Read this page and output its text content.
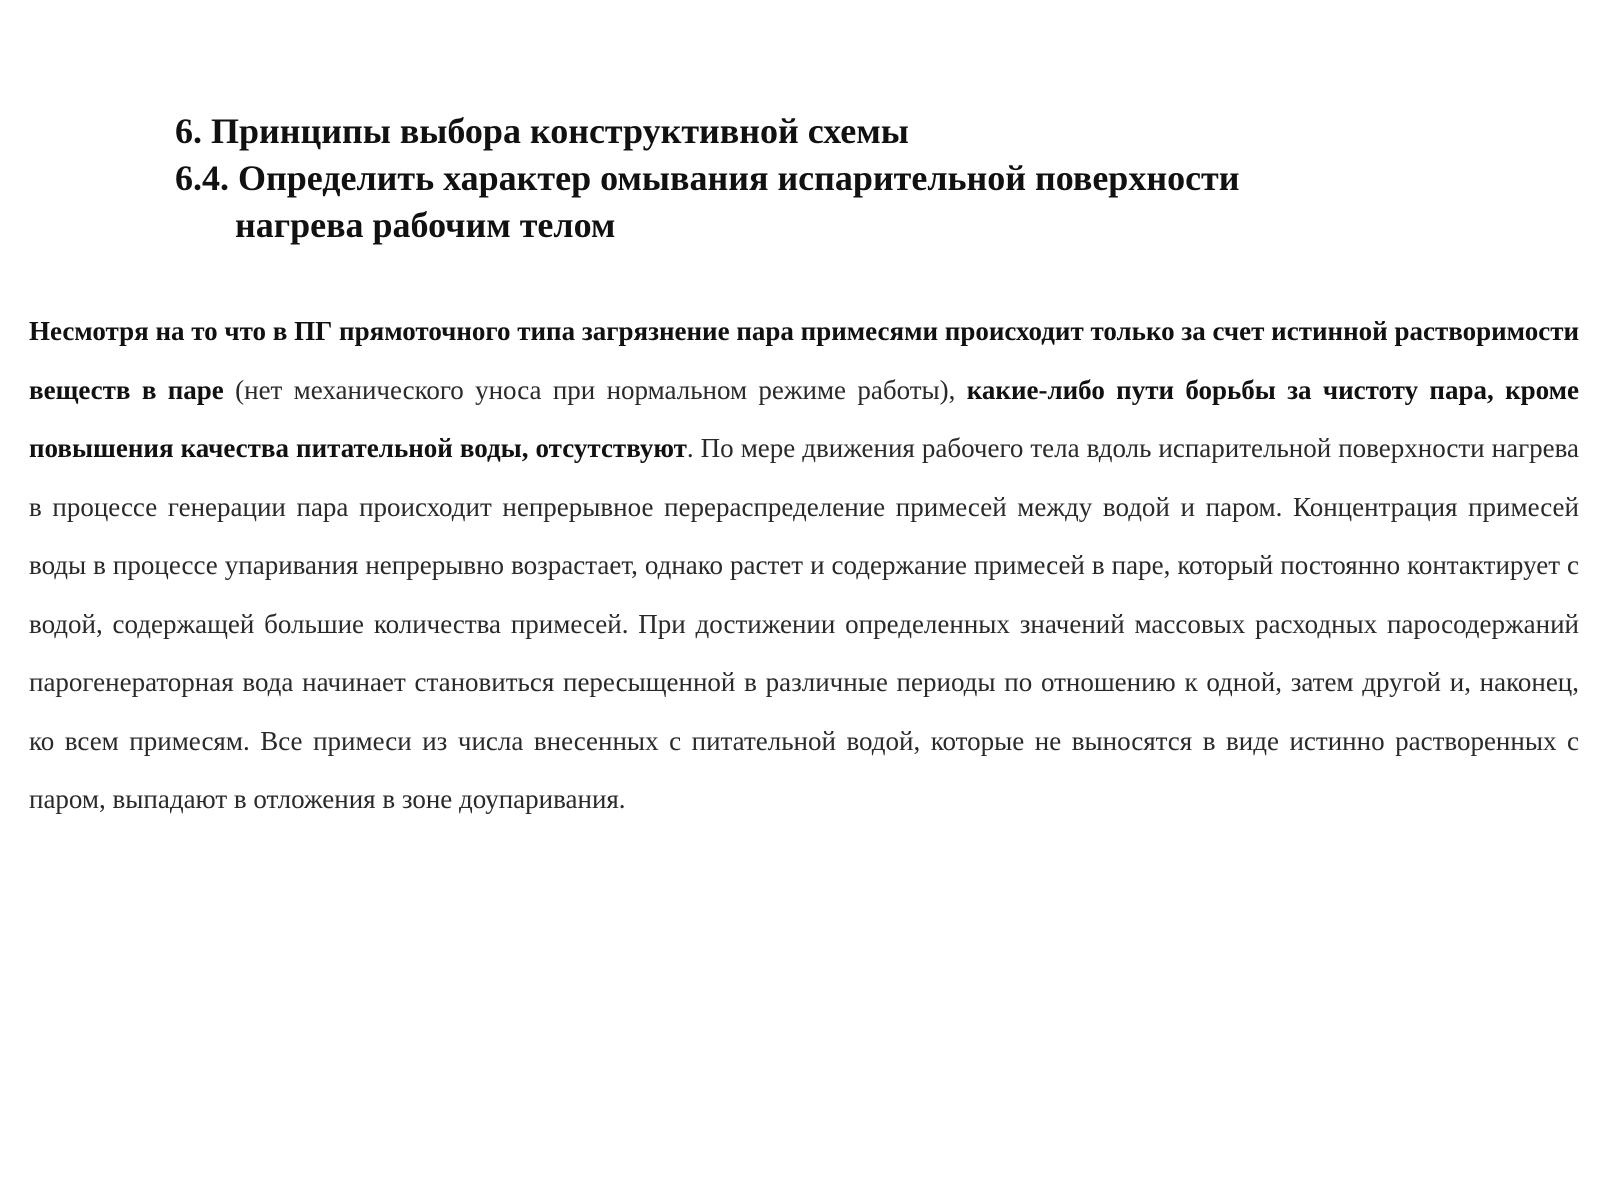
6. Принципы выбора конструктивной схемы
6.4. Определить характер омывания испарительной поверхности
нагрева рабочим телом
Несмотря на то что в ПГ прямоточного типа загрязнение пара примесями происходит только за счет истинной растворимости веществ в паре (нет механического уноса при нормальном режиме работы), какие-либо пути борьбы за чистоту пара, кроме повышения качества питательной воды, отсутствуют. По мере движения рабочего тела вдоль испарительной поверхности нагрева в процессе генерации пара происходит непрерывное перераспределение примесей между водой и паром. Концентрация примесей воды в процессе упаривания непрерывно возрастает, однако растет и содержание примесей в паре, который постоянно контактирует с водой, содержащей большие количества примесей. При достижении определенных значений массовых расходных паросодержаний парогенераторная вода начинает становиться пересыщенной в различные периоды по отношению к одной, затем другой и, наконец, ко всем примесям. Все примеси из числа внесенных с питательной водой, которые не выносятся в виде истинно растворенных с паром, выпадают в отложения в зоне доупаривания.
